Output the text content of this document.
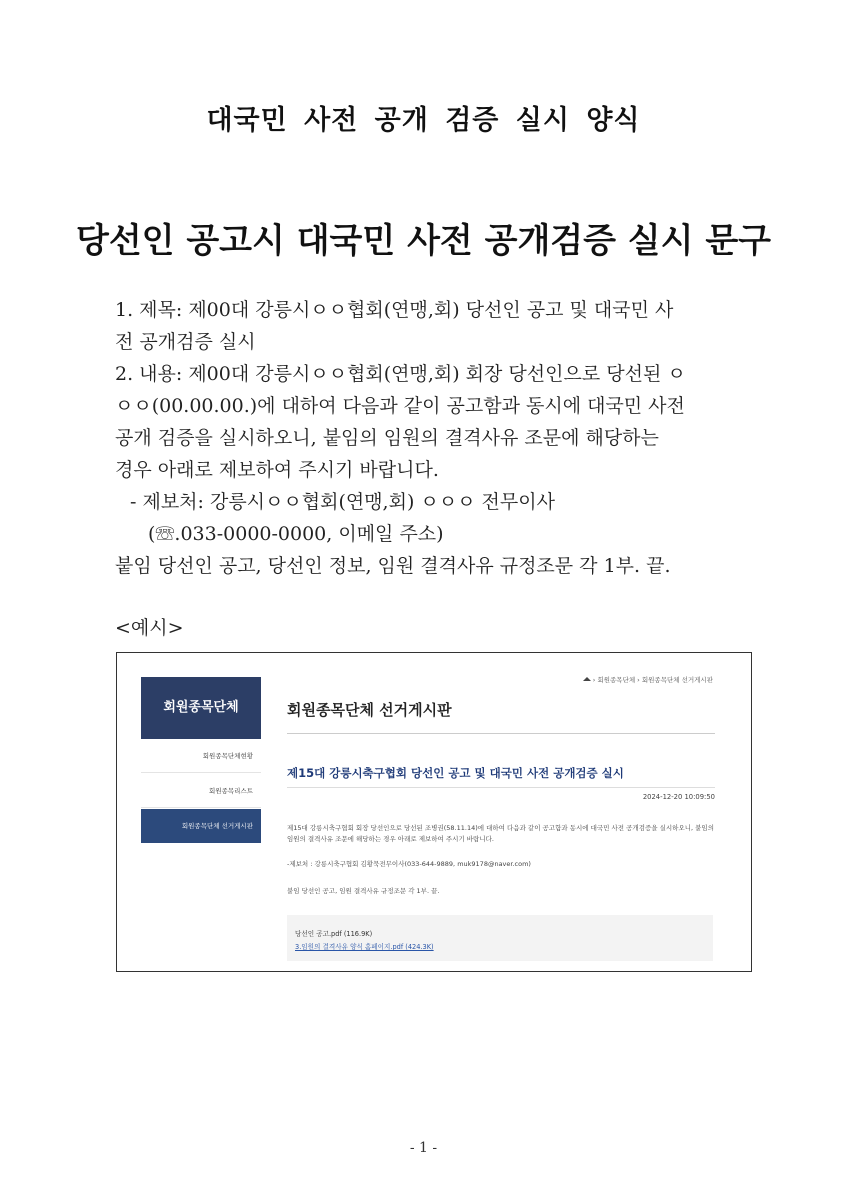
대국민 사전 공개 검증 실시 양식
당선인 공고시 대국민 사전 공개검증 실시 문구
1. 제목: 제00대 강릉시ㅇㅇ협회(연맹,회) 당선인 공고 및 대국민 사
전 공개검증 실시
2. 내용: 제00대 강릉시ㅇㅇ협회(연맹,회) 회장 당선인으로 당선된 ㅇ
ㅇㅇ(00.00.00.)에 대하여 다음과 같이 공고함과 동시에 대국민 사전
공개 검증을 실시하오니, 붙임의 임원의 결격사유 조문에 해당하는
경우 아래로 제보하여 주시기 바랍니다.
- 제보처: 강릉시ㅇㅇ협회(연맹,회) ㅇㅇㅇ 전무이사
(☏.033-0000-0000, 이메일 주소)
붙임 당선인 공고, 당선인 정보, 임원 결격사유 규정조문 각 1부. 끝.
<예시>
› 회원종목단체 › 회원종목단체 선거게시판
회원종목단체
회원종목단체현황
회원종목리스트
회원종목단체 선거게시판
회원종목단체 선거게시판
제15대 강릉시축구협회 당선인 공고 및 대국민 사전 공개검증 실시
2024-12-20 10:09:50
제15대 강릉시축구협회 회장 당선인으로 당선된 조병권(58.11.14)에 대하여 다음과 같이 공고함과 동시에 대국민 사전 공개검증을 실시하오니, 붙임의 임원의 결격사유 조문에 해당하는 경우 아래로 제보하여 주시기 바랍니다.
-제보처 : 강릉시축구협회 김황묵전무이사(033-644-9889, muk9178@naver.com)
붙임 당선인 공고, 임원 결격사유 규정조문 각 1부. 끝.
당선인 공고.pdf (116.9K)
3.임원의 결격사유 양식 홈페이지.pdf (424.3K)
- 1 -
